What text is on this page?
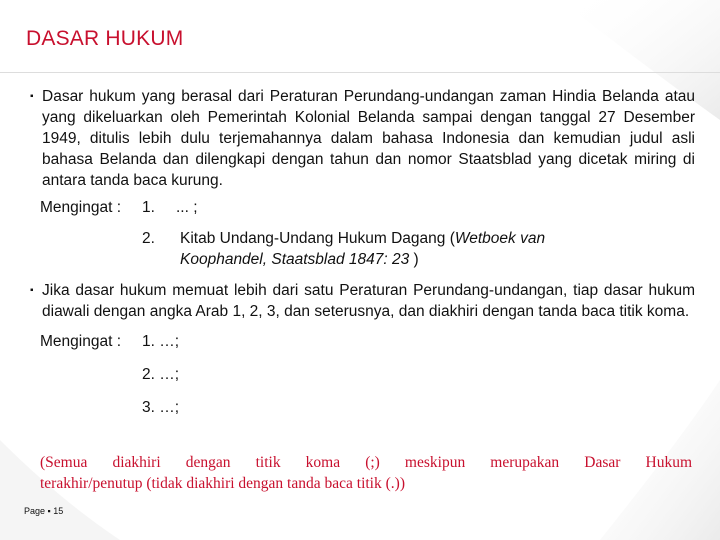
DASAR HUKUM
▪ Dasar hukum yang berasal dari Peraturan Perundang-undangan zaman Hindia Belanda atau yang dikeluarkan oleh Pemerintah Kolonial Belanda sampai dengan tanggal 27 Desember 1949, ditulis lebih dulu terjemahannya dalam bahasa Indonesia dan kemudian judul asli bahasa Belanda dan dilengkapi dengan tahun dan nomor Staatsblad yang dicetak miring di antara tanda baca kurung.
Mengingat :	1.	... ;
2.	Kitab Undang-Undang Hukum Dagang (Wetboek van Koophandel, Staatsblad 1847: 23 )
▪ Jika dasar hukum memuat lebih dari satu Peraturan Perundang-undangan, tiap dasar hukum diawali dengan angka Arab 1, 2, 3, dan seterusnya, dan diakhiri dengan tanda baca titik koma.
Mengingat :	1. …;
2. …;
3. …;
(Semua diakhiri dengan titik koma (;) meskipun merupakan Dasar Hukum
terakhir/penutup (tidak diakhiri dengan tanda baca titik (.))
Page ▪ 15
